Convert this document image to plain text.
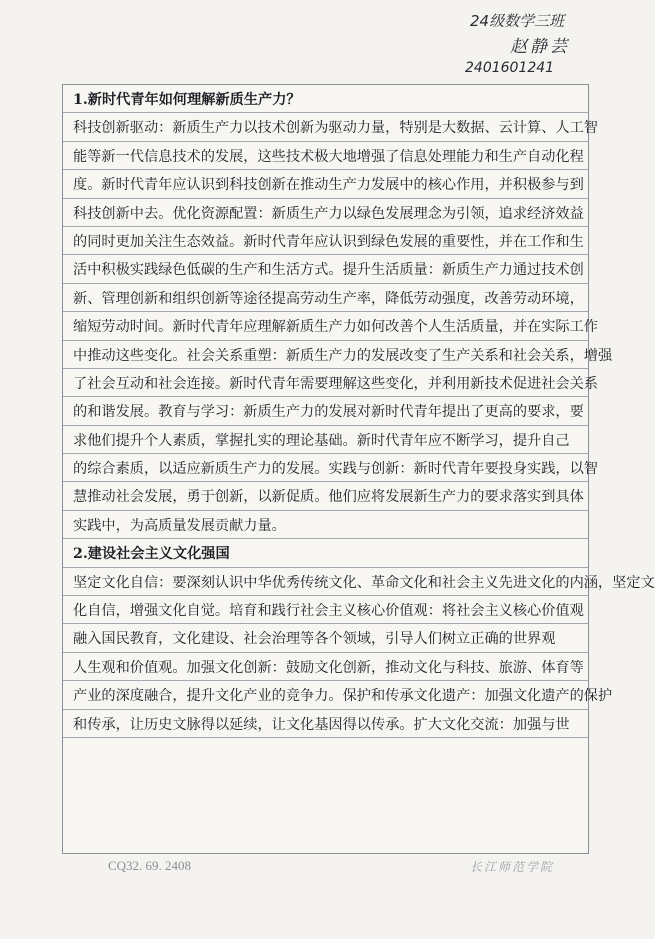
24级数学三班
赵静芸
2401601241
1.新时代青年如何理解新质生产力？
科技创新驱动：新质生产力以技术创新为驱动力量，特别是大数据、云计算、人工智
能等新一代信息技术的发展，这些技术极大地增强了信息处理能力和生产自动化程
度。新时代青年应认识到科技创新在推动生产力发展中的核心作用，并积极参与到
科技创新中去。优化资源配置：新质生产力以绿色发展理念为引领，追求经济效益
的同时更加关注生态效益。新时代青年应认识到绿色发展的重要性，并在工作和生
活中积极实践绿色低碳的生产和生活方式。提升生活质量：新质生产力通过技术创
新、管理创新和组织创新等途径提高劳动生产率，降低劳动强度，改善劳动环境，
缩短劳动时间。新时代青年应理解新质生产力如何改善个人生活质量，并在实际工作
中推动这些变化。社会关系重塑：新质生产力的发展改变了生产关系和社会关系，增强
了社会互动和社会连接。新时代青年需要理解这些变化，并利用新技术促进社会关系
的和谐发展。教育与学习：新质生产力的发展对新时代青年提出了更高的要求，要
求他们提升个人素质，掌握扎实的理论基础。新时代青年应不断学习，提升自己
的综合素质，以适应新质生产力的发展。实践与创新：新时代青年要投身实践，以智
慧推动社会发展，勇于创新，以新促质。他们应将发展新生产力的要求落实到具体
实践中，为高质量发展贡献力量。
2.建设社会主义文化强国
坚定文化自信：要深刻认识中华优秀传统文化、革命文化和社会主义先进文化的内涵，坚定文
化自信，增强文化自觉。培育和践行社会主义核心价值观：将社会主义核心价值观
融入国民教育，文化建设、社会治理等各个领域，引导人们树立正确的世界观
人生观和价值观。加强文化创新：鼓励文化创新，推动文化与科技、旅游、体育等
产业的深度融合，提升文化产业的竞争力。保护和传承文化遗产：加强文化遗产的保护
和传承，让历史文脉得以延续，让文化基因得以传承。扩大文化交流：加强与世
CQ32. 69. 2408	长江师范学院
